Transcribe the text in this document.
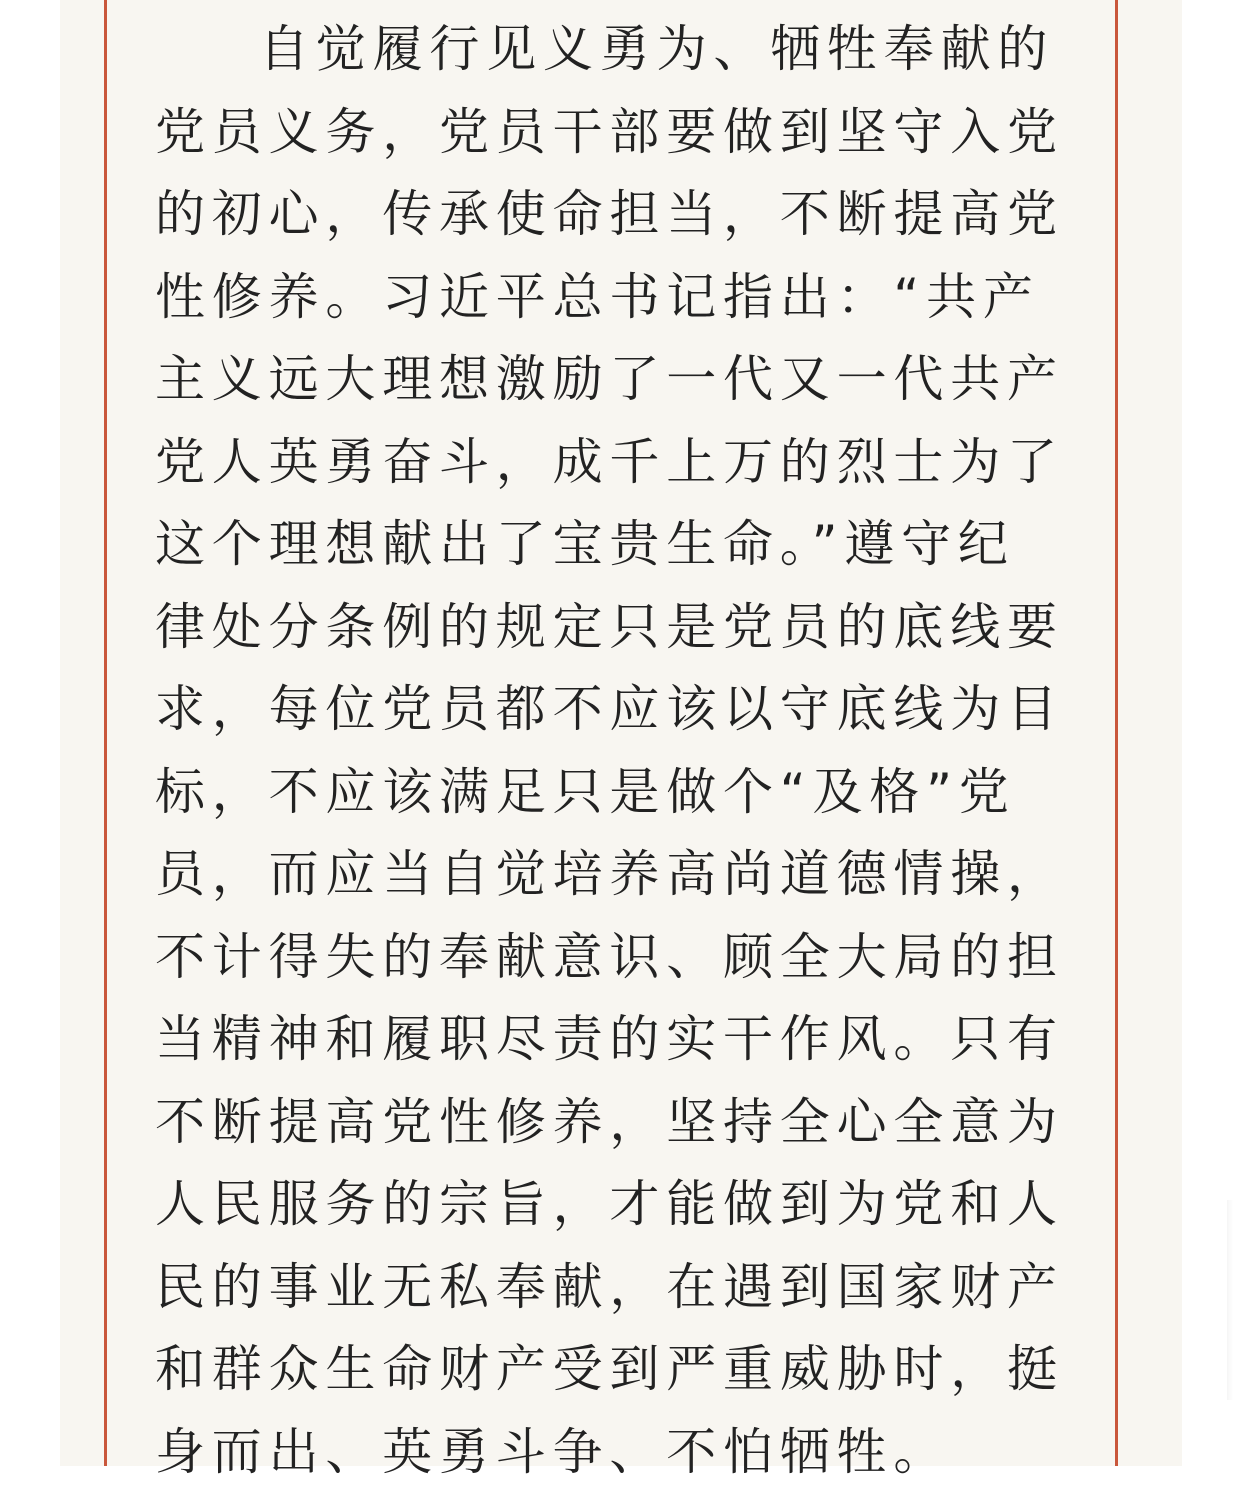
自觉履行见义勇为、牺牲奉献的党员义务，党员干部要做到坚守入党的初心，传承使命担当，不断提高党性修养。习近平总书记指出：“共产主义远大理想激励了一代又一代共产党人英勇奋斗，成千上万的烈士为了这个理想献出了宝贵生命。”遵守纪律处分条例的规定只是党员的底线要求，每位党员都不应该以守底线为目标，不应该满足只是做个“及格”党员，而应当自觉培养高尚道德情操，不计得失的奉献意识、顾全大局的担当精神和履职尽责的实干作风。只有不断提高党性修养，坚持全心全意为人民服务的宗旨，才能做到为党和人民的事业无私奉献，在遇到国家财产和群众生命财产受到严重威胁时，挺身而出、英勇斗争、不怕牺牲。
